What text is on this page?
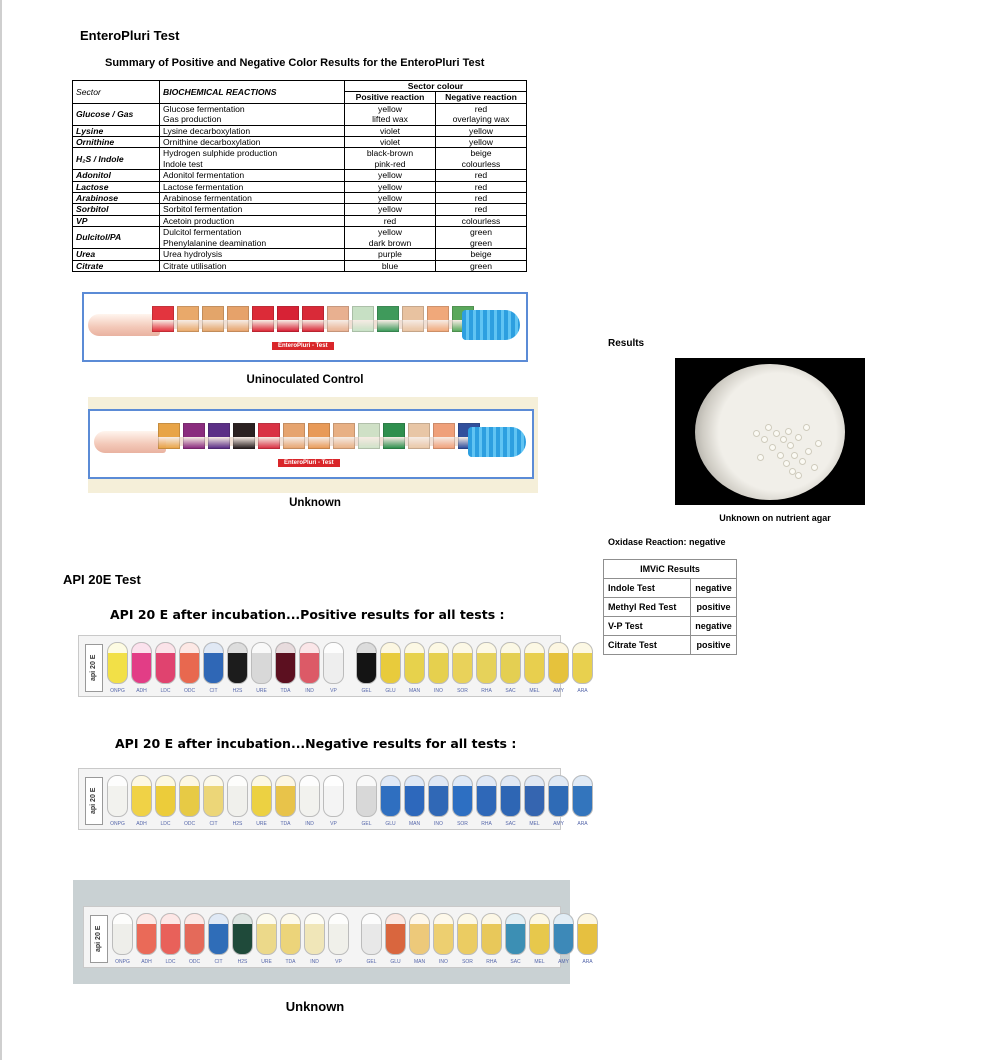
EnteroPluri Test
Summary of Positive and Negative Color Results for the EnteroPluri Test
Sector	BIOCHEMICAL REACTIONS	Sector colour	
		Positive reaction	Negative reaction
Glucose / Gas	Glucose fermentation	yellow	red
	Gas production	lifted wax	overlaying wax
Lysine	Lysine decarboxylation	violet	yellow
Ornithine	Ornithine decarboxylation	violet	yellow
H₂S / Indole	Hydrogen sulphide production	black-brown	beige
	Indole test	pink-red	colourless
Adonitol	Adonitol fermentation	yellow	red
Lactose	Lactose fermentation	yellow	red
Arabinose	Arabinose fermentation	yellow	red
Sorbitol	Sorbitol fermentation	yellow	red
VP	Acetoin production	red	colourless
Dulcitol/PA	Dulcitol fermentation	yellow	green
	Phenylalanine deamination	dark brown	green
Urea	Urea hydrolysis	purple	beige
Citrate	Citrate utilisation	blue	green
EnteroPluri - Test
Uninoculated Control
EnteroPluri - Test
Unknown
Results
Unknown on nutrient agar
Oxidase Reaction: negative
IMViC Results	
Indole Test	negative
Methyl Red Test	positive
V-P Test	negative
Citrate Test	positive
API 20E Test
API 20 E after incubation...Positive results for all tests :
api 20 E
ONPG	ADH	LDC	ODC	CIT	H2S	URE	TDA	IND	VP	GEL	GLU	MAN	INO	SOR	RHA	SAC	MEL	AMY	ARA
API 20 E after incubation...Negative results for all tests :
api 20 E
ONPG	ADH	LDC	ODC	CIT	H2S	URE	TDA	IND	VP	GEL	GLU	MAN	INO	SOR	RHA	SAC	MEL	AMY	ARA
api 20 E
ONPG	ADH	LDC	ODC	CIT	H2S	URE	TDA	IND	VP	GEL	GLU	MAN	INO	SOR	RHA	SAC	MEL	AMY	ARA
Unknown
